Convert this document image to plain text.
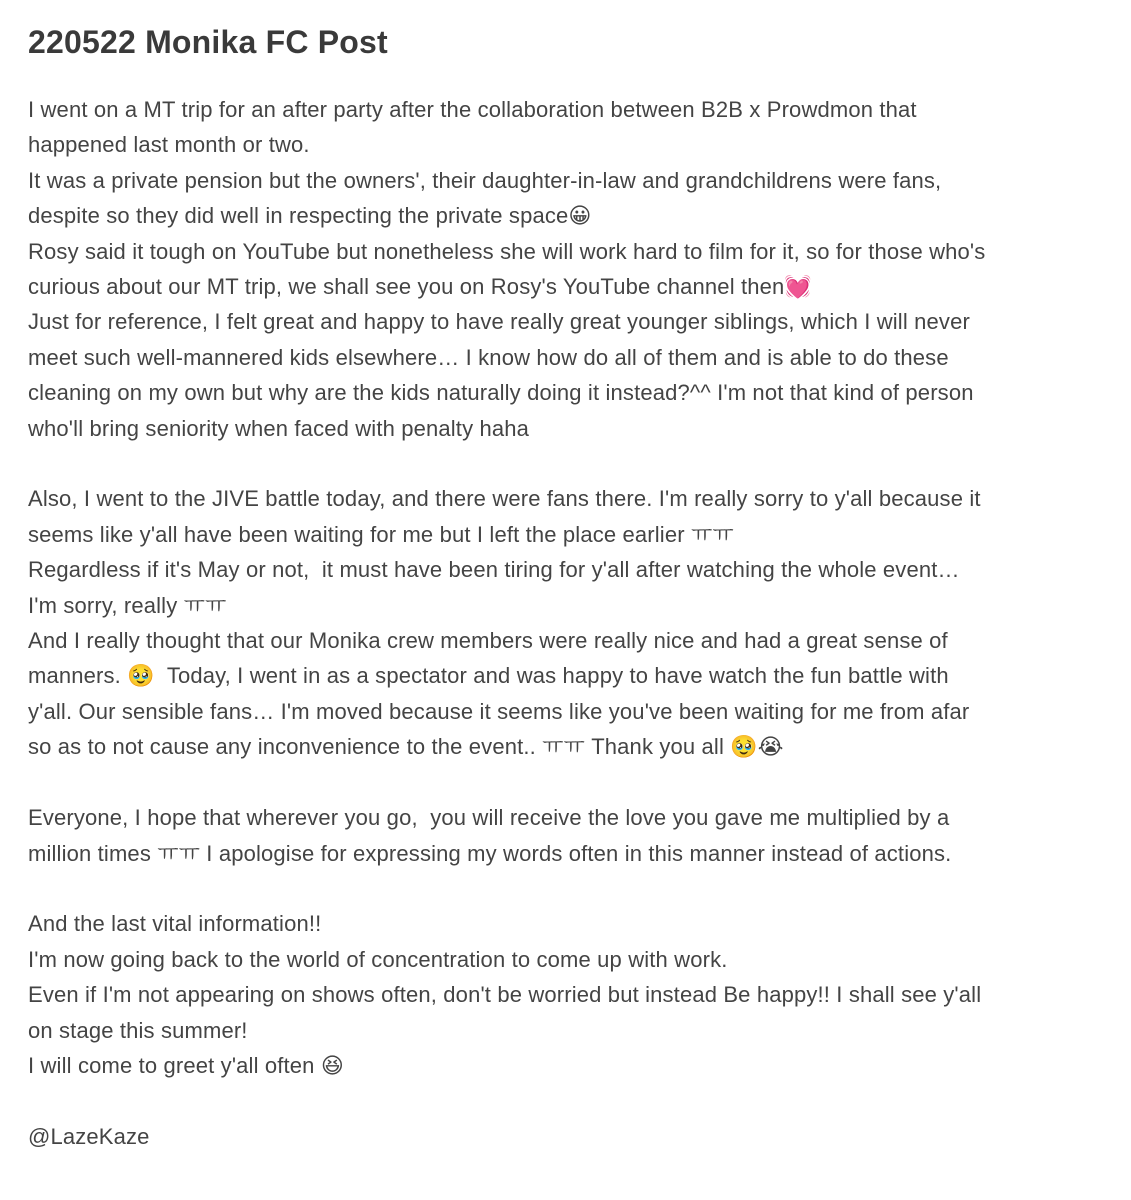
220522 Monika FC Post
I went on a MT trip for an after party after the collaboration between B2B x Prowdmon that
happened last month or two.
It was a private pension but the owners', their daughter-in-law and grandchildrens were fans,
despite so they did well in respecting the private space😀
Rosy said it tough on YouTube but nonetheless she will work hard to film for it, so for those who's
curious about our MT trip, we shall see you on Rosy's YouTube channel then💓
Just for reference, I felt great and happy to have really great younger siblings, which I will never
meet such well-mannered kids elsewhere… I know how do all of them and is able to do these
cleaning on my own but why are the kids naturally doing it instead?^^ I'm not that kind of person
who'll bring seniority when faced with penalty haha
Also, I went to the JIVE battle today, and there were fans there. I'm really sorry to y'all because it
seems like y'all have been waiting for me but I left the place earlier ㅠㅠ
Regardless if it's May or not,  it must have been tiring for y'all after watching the whole event…
I'm sorry, really ㅠㅠ
And I really thought that our Monika crew members were really nice and had a great sense of
manners. 🥹  Today, I went in as a spectator and was happy to have watch the fun battle with
y'all. Our sensible fans… I'm moved because it seems like you've been waiting for me from afar
so as to not cause any inconvenience to the event.. ㅠㅠ Thank you all 🥹😭
Everyone, I hope that wherever you go,  you will receive the love you gave me multiplied by a
million times ㅠㅠ I apologise for expressing my words often in this manner instead of actions.
And the last vital information!!
I'm now going back to the world of concentration to come up with work.
Even if I'm not appearing on shows often, don't be worried but instead Be happy!! I shall see y'all
on stage this summer!
I will come to greet y'all often 😆
@LazeKaze
